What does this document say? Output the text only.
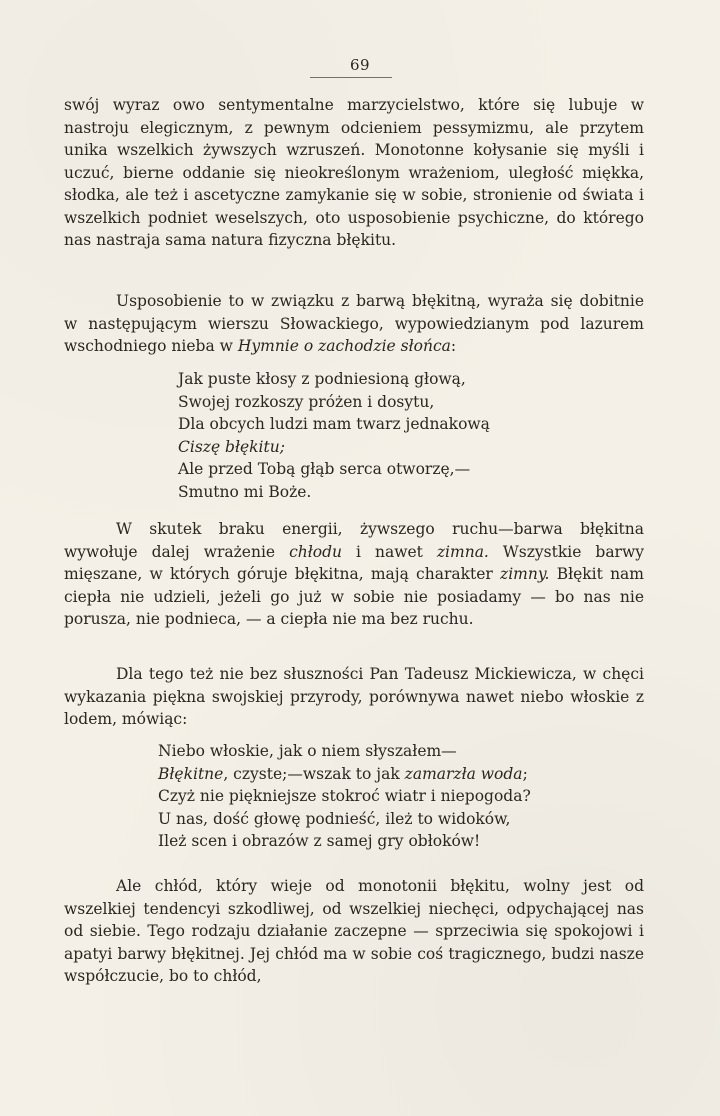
69

swój wyraz owo sentymentalne marzycielstwo, które się lubuje w nastroju elegicznym, z pewnym odcieniem pessymizmu, ale przytem unika wszelkich żywszych wzruszeń. Monotonne kołysanie się myśli i uczuć, bierne oddanie się nieokreślonym wrażeniom, uległość miękka, słodka, ale też i ascetyczne zamykanie się w sobie, stronienie od świata i wszelkich podniet weselszych, oto usposobienie psychiczne, do którego nas nastraja sama natura fizyczna błękitu.

Usposobienie to w związku z barwą błękitną, wyraża się dobitnie w następującym wierszu Słowackiego, wypowiedzianym pod lazurem wschodniego nieba w Hymnie o zachodzie słońca:

Jak puste kłosy z podniesioną głową,

Swojej rozkoszy próżen i dosytu,

Dla obcych ludzi mam twarz jednakową

Ciszę błękitu;

Ale przed Tobą głąb serca otworzę,—

Smutno mi Boże.

W skutek braku energii, żywszego ruchu—barwa błękitna wywołuje dalej wrażenie chłodu i nawet zimna. Wszystkie barwy mięszane, w których góruje błękitna, mają charakter zimny. Błękit nam ciepła nie udzieli, jeżeli go już w sobie nie posiadamy — bo nas nie porusza, nie podnieca, — a ciepła nie ma bez ruchu.

Dla tego też nie bez słuszności Pan Tadeusz Mickiewicza, w chęci wykazania piękna swojskiej przyrody, porównywa nawet niebo włoskie z lodem, mówiąc:

Niebo włoskie, jak o niem słyszałem—

Błękitne, czyste;—wszak to jak zamarzła woda;

Czyż nie piękniejsze stokroć wiatr i niepogoda?

U nas, dość głowę podnieść, ileż to widoków,

Ileż scen i obrazów z samej gry obłoków!

Ale chłód, który wieje od monotonii błękitu, wolny jest od wszelkiej tendencyi szkodliwej, od wszelkiej niechęci, odpychającej nas od siebie. Tego rodzaju działanie zaczepne — sprzeciwia się spokojowi i apatyi barwy błękitnej. Jej chłód ma w sobie coś tragicznego, budzi nasze współczucie, bo to chłód,
